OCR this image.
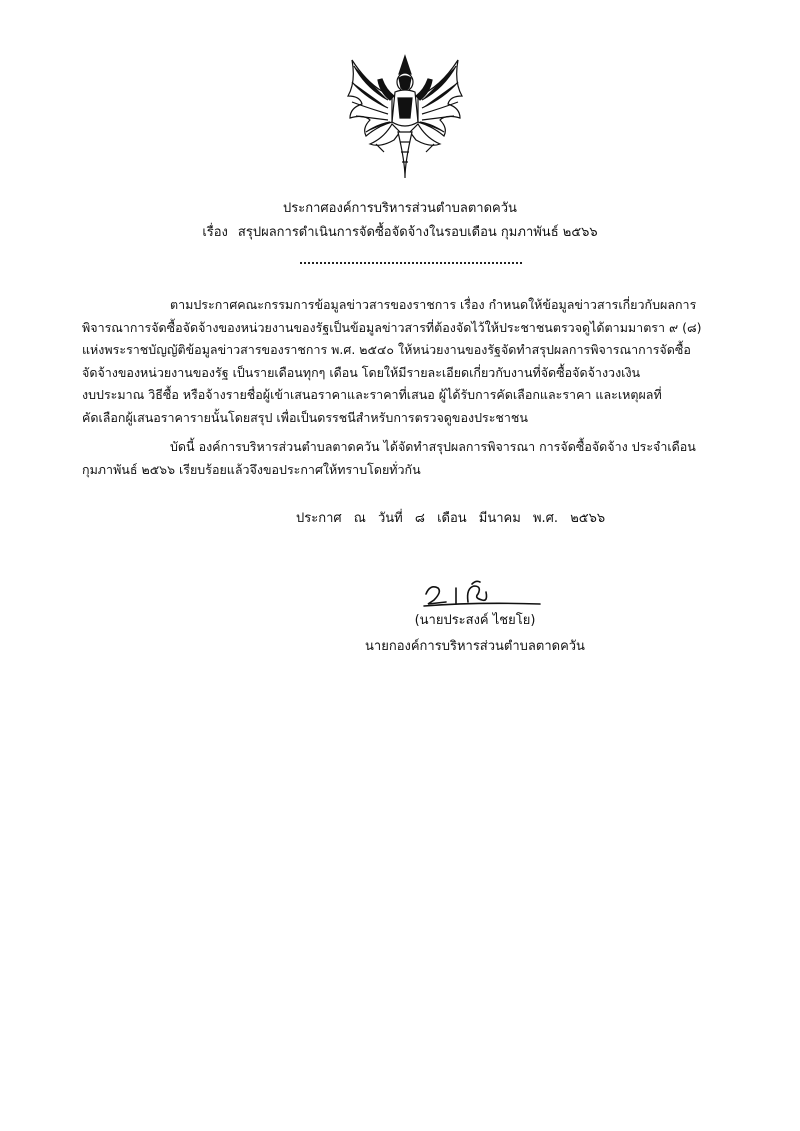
ประกาศองค์การบริหารส่วนตำบลตาดควัน
เรื่อง สรุปผลการดำเนินการจัดซื้อจัดจ้างในรอบเดือน กุมภาพันธ์ ๒๕๖๖
ตามประกาศคณะกรรมการข้อมูลข่าวสารของราชการ เรื่อง กำหนดให้ข้อมูลข่าวสารเกี่ยวกับผลการ
พิจารณาการจัดซื้อจัดจ้างของหน่วยงานของรัฐเป็นข้อมูลข่าวสารที่ต้องจัดไว้ให้ประชาชนตรวจดูได้ตามมาตรา ๙ (๘)
แห่งพระราชบัญญัติข้อมูลข่าวสารของราชการ พ.ศ. ๒๕๔๐ ให้หน่วยงานของรัฐจัดทำสรุปผลการพิจารณาการจัดซื้อ
จัดจ้างของหน่วยงานของรัฐ เป็นรายเดือนทุกๆ เดือน โดยให้มีรายละเอียดเกี่ยวกับงานที่จัดซื้อจัดจ้างวงเงิน
งบประมาณ วิธีซื้อ หรือจ้างรายชื่อผู้เข้าเสนอราคาและราคาที่เสนอ ผู้ได้รับการคัดเลือกและราคา และเหตุผลที่
คัดเลือกผู้เสนอราคารายนั้นโดยสรุป เพื่อเป็นดรรชนีสำหรับการตรวจดูของประชาชน
บัดนี้ องค์การบริหารส่วนตำบลตาดควัน ได้จัดทำสรุปผลการพิจารณา การจัดซื้อจัดจ้าง ประจำเดือน
กุมภาพันธ์ ๒๕๖๖ เรียบร้อยแล้วจึงขอประกาศให้ทราบโดยทั่วกัน
ประกาศ ณ วันที่ ๘ เดือน มีนาคม พ.ศ. ๒๕๖๖
(นายประสงค์ ไชยโย)
นายกองค์การบริหารส่วนตำบลตาดควัน
